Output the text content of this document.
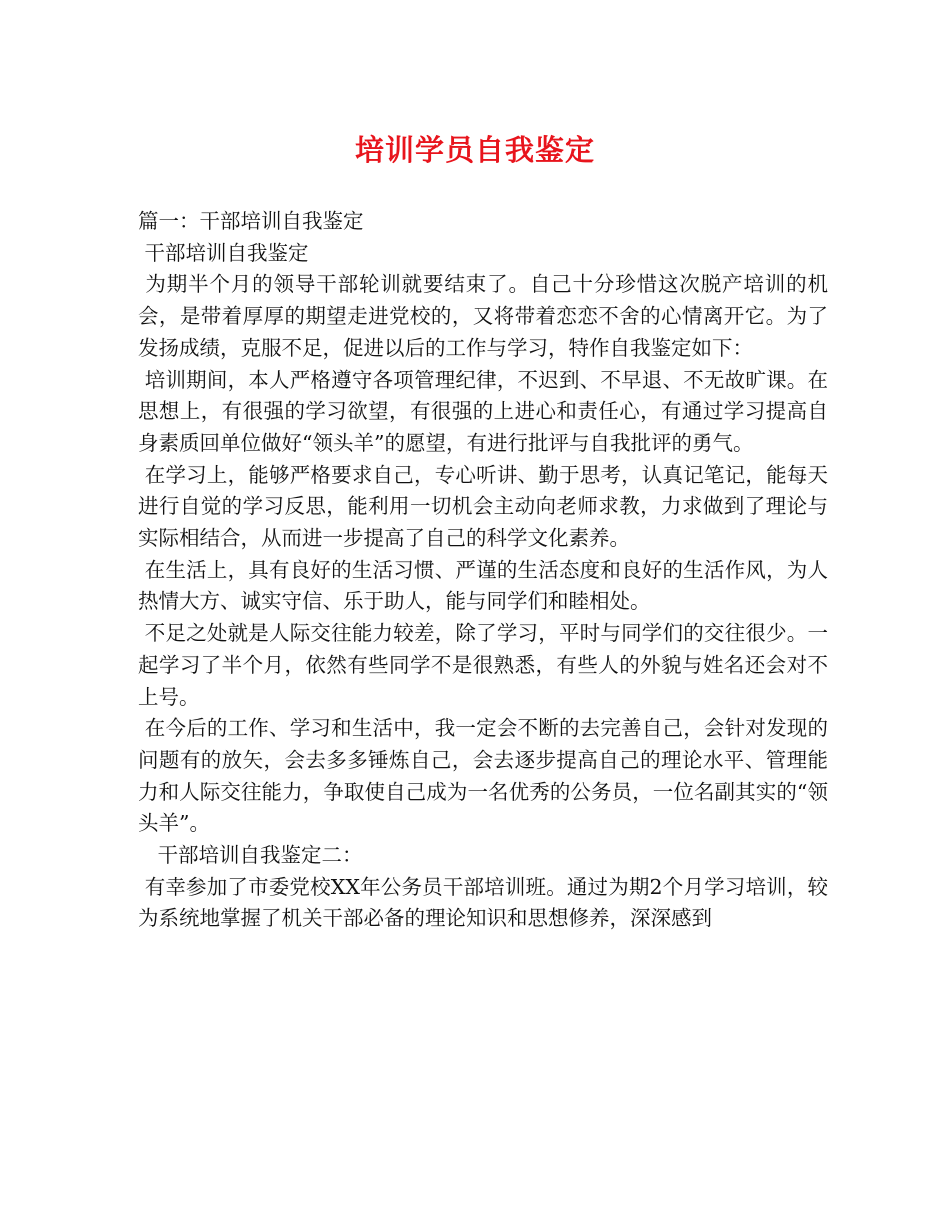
培训学员自我鉴定

篇一：干部培训自我鉴定

干部培训自我鉴定

为期半个月的领导干部轮训就要结束了。自己十分珍惜这次脱产培训的机会，是带着厚厚的期望走进党校的，又将带着恋恋不舍的心情离开它。为了发扬成绩，克服不足，促进以后的工作与学习，特作自我鉴定如下：

培训期间，本人严格遵守各项管理纪律，不迟到、不早退、不无故旷课。在思想上，有很强的学习欲望，有很强的上进心和责任心，有通过学习提高自身素质回单位做好“领头羊”的愿望，有进行批评与自我批评的勇气。

在学习上，能够严格要求自己，专心听讲、勤于思考，认真记笔记，能每天进行自觉的学习反思，能利用一切机会主动向老师求教，力求做到了理论与实际相结合，从而进一步提高了自己的科学文化素养。

在生活上，具有良好的生活习惯、严谨的生活态度和良好的生活作风，为人热情大方、诚实守信、乐于助人，能与同学们和睦相处。

不足之处就是人际交往能力较差，除了学习，平时与同学们的交往很少。一起学习了半个月，依然有些同学不是很熟悉，有些人的外貌与姓名还会对不上号。

在今后的工作、学习和生活中，我一定会不断的去完善自己，会针对发现的问题有的放矢，会去多多锤炼自己，会去逐步提高自己的理论水平、管理能力和人际交往能力，争取使自己成为一名优秀的公务员，一位名副其实的“领头羊”。

干部培训自我鉴定二：

有幸参加了市委党校XX年公务员干部培训班。通过为期2个月学习培训，较为系统地掌握了机关干部必备的理论知识和思想修养，深深感到
